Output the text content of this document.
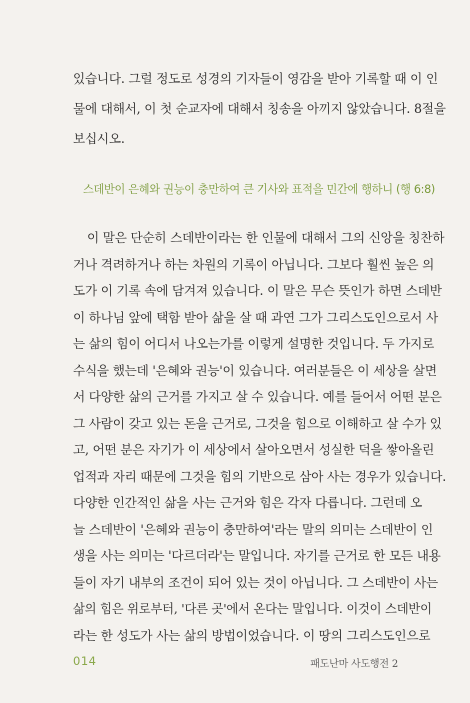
있습니다. 그럴 정도로 성경의 기자들이 영감을 받아 기록할 때 이 인
물에 대해서, 이 첫 순교자에 대해서 칭송을 아끼지 않았습니다. 8절을
보십시오.
스데반이 은혜와 권능이 충만하여 큰 기사와 표적을 민간에 행하니 (행 6:8)
이 말은 단순히 스데반이라는 한 인물에 대해서 그의 신앙을 칭찬하
거나 격려하거나 하는 차원의 기록이 아닙니다. 그보다 훨씬 높은 의
도가 이 기록 속에 담겨져 있습니다. 이 말은 무슨 뜻인가 하면 스데반
이 하나님 앞에 택함 받아 삶을 살 때 과연 그가 그리스도인으로서 사
는 삶의 힘이 어디서 나오는가를 이렇게 설명한 것입니다. 두 가지로
수식을 했는데 '은혜와 권능'이 있습니다. 여러분들은 이 세상을 살면
서 다양한 삶의 근거를 가지고 살 수 있습니다. 예를 들어서 어떤 분은
그 사람이 갖고 있는 돈을 근거로, 그것을 힘으로 이해하고 살 수가 있
고, 어떤 분은 자기가 이 세상에서 살아오면서 성실한 덕을 쌓아올린
업적과 자리 때문에 그것을 힘의 기반으로 삼아 사는 경우가 있습니다.
다양한 인간적인 삶을 사는 근거와 힘은 각자 다릅니다. 그런데 오
늘 스데반이 '은혜와 권능이 충만하여'라는 말의 의미는 스데반이 인
생을 사는 의미는 '다르더라'는 말입니다. 자기를 근거로 한 모든 내용
들이 자기 내부의 조건이 되어 있는 것이 아닙니다. 그 스데반이 사는
삶의 힘은 위로부터, '다른 곳'에서 온다는 말입니다. 이것이 스데반이
014	패도난마 사도행전 2
라는 한 성도가 사는 삶의 방법이었습니다. 이 땅의 그리스도인으로
